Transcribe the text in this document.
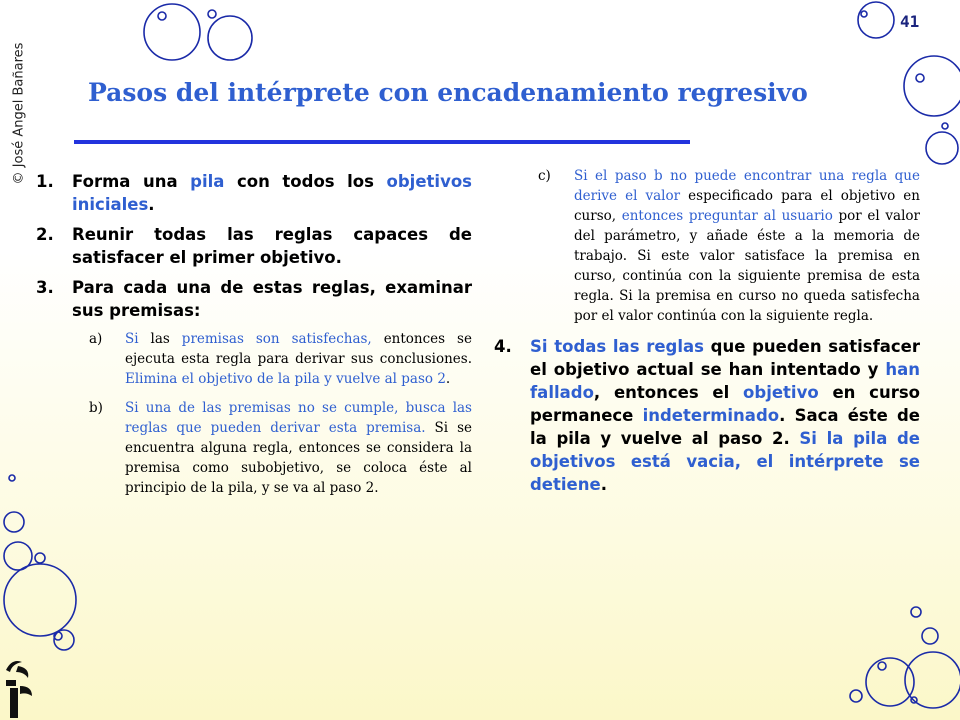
© José Angel Bañares
41
Pasos del intérprete con encadenamiento regresivo
1.	Forma una pila con todos los objetivos iniciales.
2.	Reunir todas las reglas capaces de satisfacer el primer objetivo.
3.	Para cada una de estas reglas, examinar sus premisas:
a)	Si las premisas son satisfechas, entonces se ejecuta esta regla para derivar sus conclusiones. Elimina el objetivo de la pila y vuelve al paso 2.
b)	Si una de las premisas no se cumple, busca las reglas que pueden derivar esta premisa. Si se encuentra alguna regla, entonces se considera la premisa como subobjetivo, se coloca éste al principio de la pila, y se va al paso 2.
c)	Si el paso b no puede encontrar una regla que derive el valor especificado para el objetivo en curso, entonces preguntar al usuario por el valor del parámetro, y añade éste a la memoria de trabajo. Si este valor satisface la premisa en curso, continúa con la siguiente premisa de esta regla. Si la premisa en curso no queda satisfecha por el valor continúa con la siguiente regla.
4.	Si todas las reglas que pueden satisfacer el objetivo actual se han intentado y han fallado, entonces el objetivo en curso permanece indeterminado. Saca éste de la pila y vuelve al paso 2. Si la pila de objetivos está vacia, el intérprete se detiene.
